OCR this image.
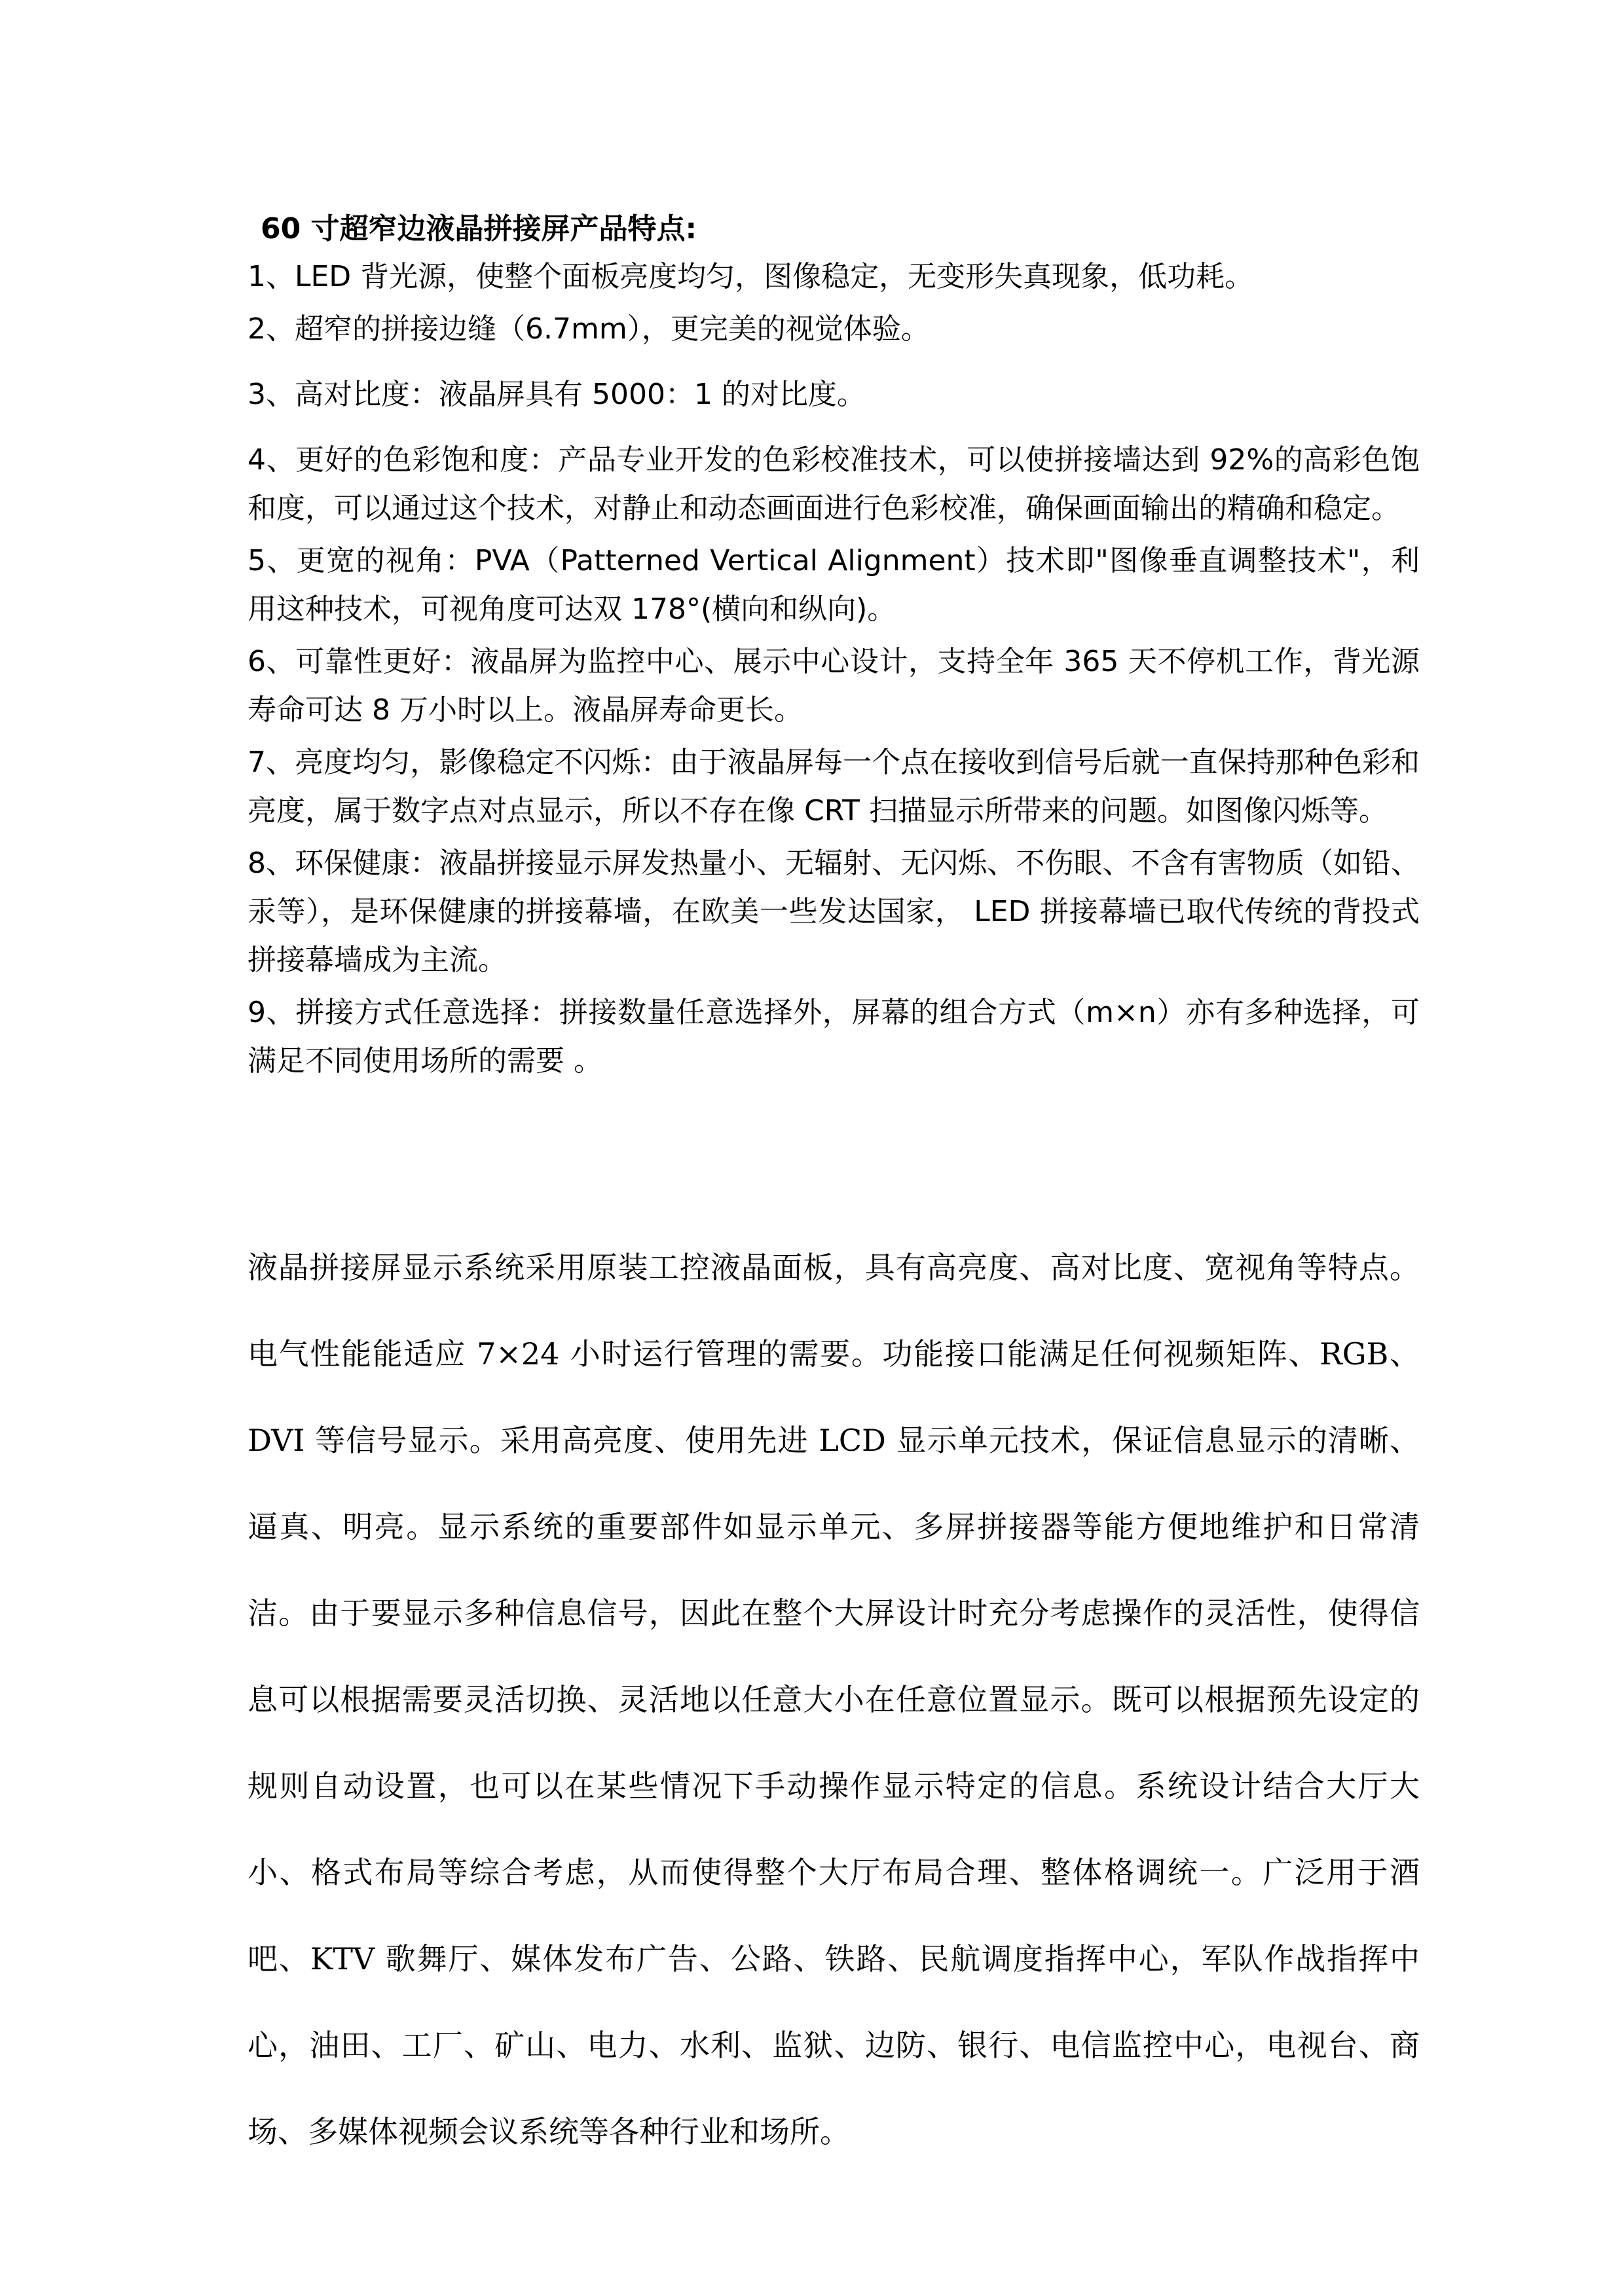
60 寸超窄边液晶拼接屏产品特点:
1、LED 背光源，使整个面板亮度均匀，图像稳定，无变形失真现象，低功耗。
2、超窄的拼接边缝（6.7mm），更完美的视觉体验。
3、高对比度：液晶屏具有 5000：1 的对比度。
4、更好的色彩饱和度：产品专业开发的色彩校准技术，可以使拼接墙达到 92%的高彩色饱和度，可以通过这个技术，对静止和动态画面进行色彩校准，确保画面输出的精确和稳定。
5、更宽的视角：PVA（Patterned Vertical Alignment）技术即"图像垂直调整技术"，利用这种技术，可视角度可达双 178°(横向和纵向)。
6、可靠性更好：液晶屏为监控中心、展示中心设计，支持全年 365 天不停机工作，背光源寿命可达 8 万小时以上。液晶屏寿命更长。
7、亮度均匀，影像稳定不闪烁：由于液晶屏每一个点在接收到信号后就一直保持那种色彩和亮度，属于数字点对点显示，所以不存在像 CRT 扫描显示所带来的问题。如图像闪烁等。
8、环保健康：液晶拼接显示屏发热量小、无辐射、无闪烁、不伤眼、不含有害物质（如铅、汞等），是环保健康的拼接幕墙，在欧美一些发达国家， LED 拼接幕墙已取代传统的背投式拼接幕墙成为主流。
9、拼接方式任意选择：拼接数量任意选择外，屏幕的组合方式（m×n）亦有多种选择，可满足不同使用场所的需要 。

液晶拼接屏显示系统采用原装工控液晶面板，具有高亮度、高对比度、宽视角等特点。电气性能能适应 7×24 小时运行管理的需要。功能接口能满足任何视频矩阵、RGB、DVI 等信号显示。采用高亮度、使用先进 LCD 显示单元技术，保证信息显示的清晰、逼真、明亮。显示系统的重要部件如显示单元、多屏拼接器等能方便地维护和日常清洁。由于要显示多种信息信号，因此在整个大屏设计时充分考虑操作的灵活性，使得信息可以根据需要灵活切换、灵活地以任意大小在任意位置显示。既可以根据预先设定的规则自动设置，也可以在某些情况下手动操作显示特定的信息。系统设计结合大厅大小、格式布局等综合考虑，从而使得整个大厅布局合理、整体格调统一。广泛用于酒吧、KTV 歌舞厅、媒体发布广告、公路、铁路、民航调度指挥中心，军队作战指挥中心，油田、工厂、矿山、电力、水利、监狱、边防、银行、电信监控中心，电视台、商场、多媒体视频会议系统等各种行业和场所。
